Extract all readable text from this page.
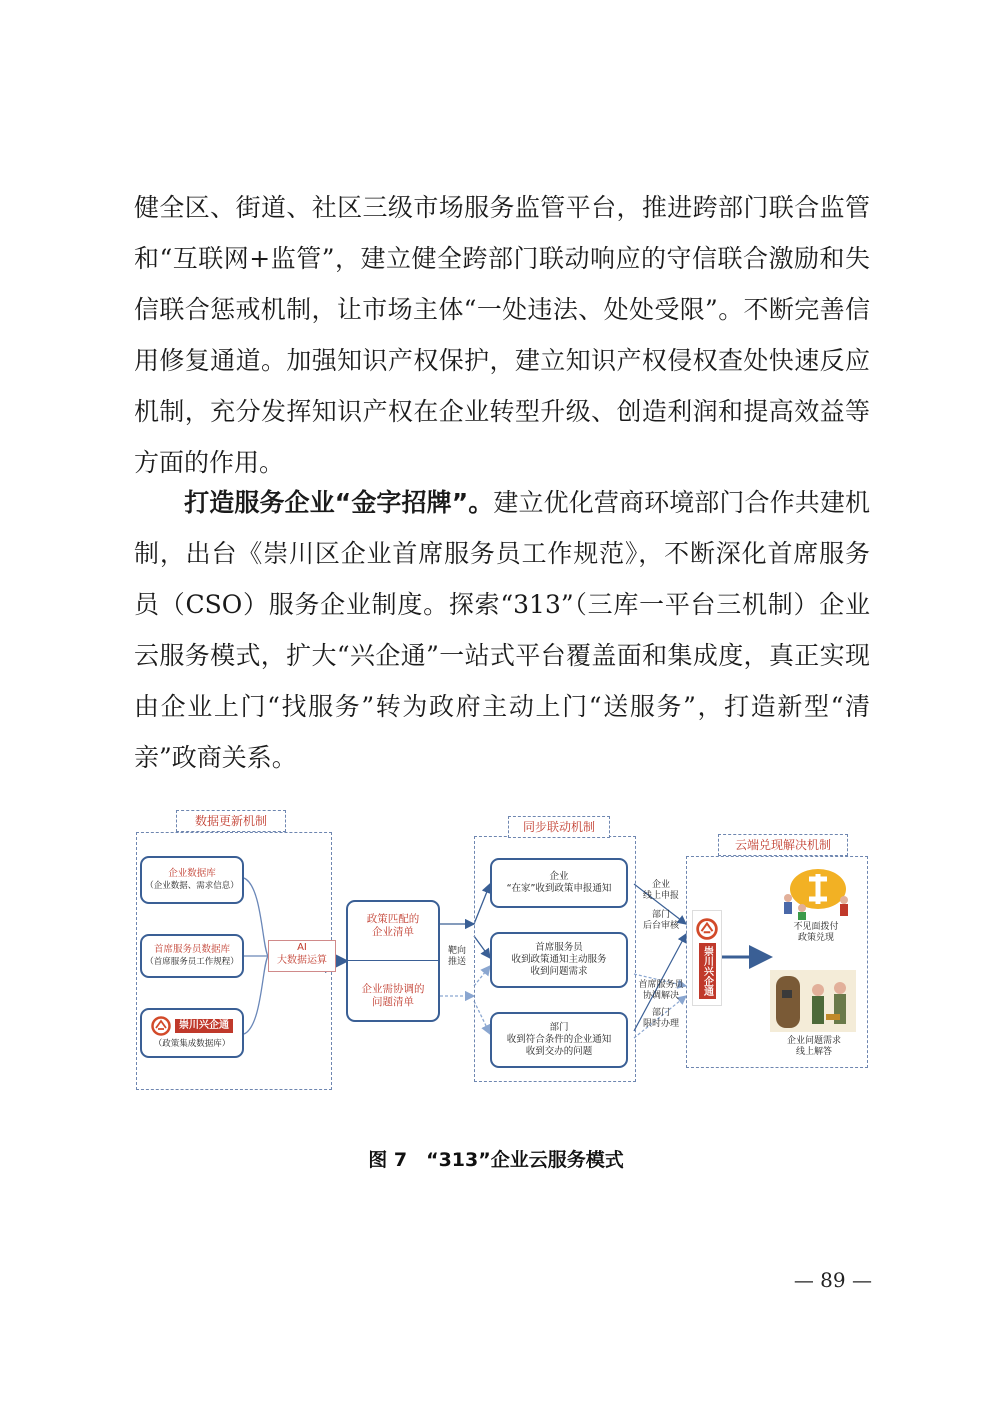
健全区、街道、社区三级市场服务监管平台，推进跨部门联合监管和“互联网+监管”，建立健全跨部门联动响应的守信联合激励和失信联合惩戒机制，让市场主体“一处违法、处处受限”。不断完善信用修复通道。加强知识产权保护，建立知识产权侵权查处快速反应机制，充分发挥知识产权在企业转型升级、创造利润和提高效益等方面的作用。
打造服务企业“金字招牌”。建立优化营商环境部门合作共建机制，出台《崇川区企业首席服务员工作规范》，不断深化首席服务员（CSO）服务企业制度。探索“313”（三库一平台三机制）企业云服务模式，扩大“兴企通”一站式平台覆盖面和集成度，真正实现由企业上门“找服务”转为政府主动上门“送服务”，打造新型“清亲”政商关系。
数据更新机制
企业数据库
（企业数据、需求信息）
首席服务员数据库
（首席服务员工作规程）
崇川兴企通
（政策集成数据库）
AI
大数据运算
政策匹配的
企业清单
企业需协调的
问题清单
靶向
推送
同步联动机制
企业
“在家”收到政策申报通知
首席服务员
收到政策通知主动服务
收到问题需求
部门
收到符合条件的企业通知
收到交办的问题
企业
线上申报
部门
后台审核
首席服务员
协调解决
部门
限时办理
云端兑现解决机制
崇川兴企通
不见面拨付
政策兑现
企业问题需求
线上解答
图 7　“313”企业云服务模式
— 89 —
